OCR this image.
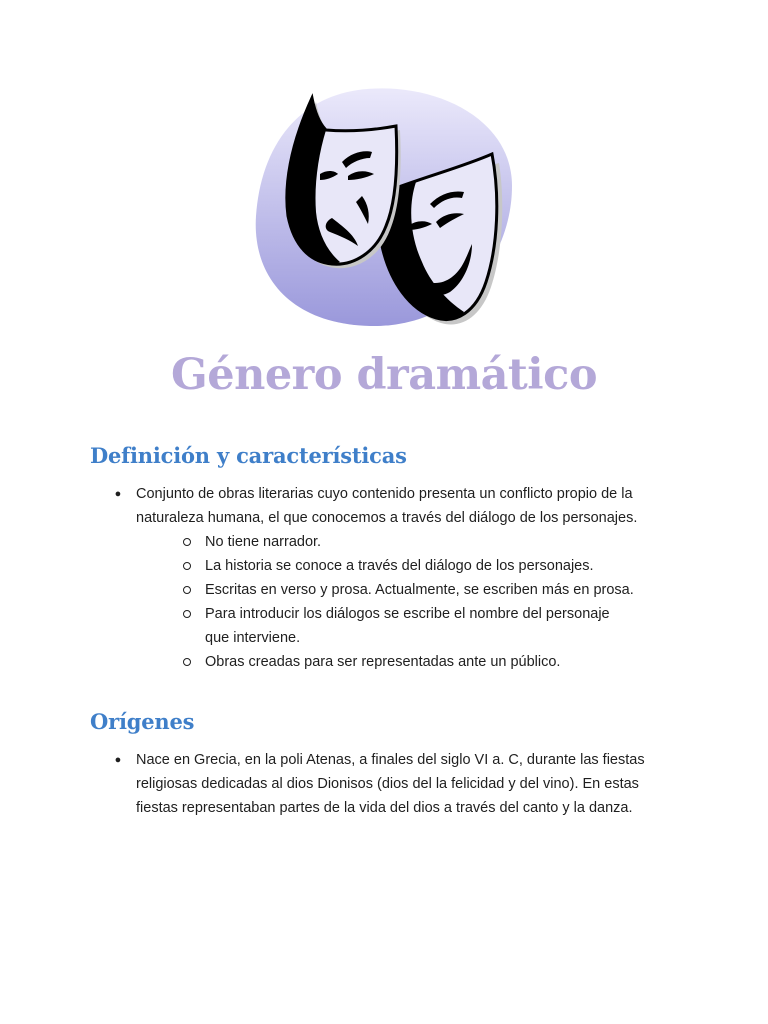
Género dramático
Definición y características
● Conjunto de obras literarias cuyo contenido presenta un conflicto propio de la naturaleza humana, el que conocemos a través del diálogo de los personajes.
No tiene narrador.
La historia se conoce a través del diálogo de los personajes.
Escritas en verso y prosa. Actualmente, se escriben más en prosa.
Para introducir los diálogos se escribe el nombre del personaje que interviene.
Obras creadas para ser representadas ante un público.
Orígenes
● Nace en Grecia, en la poli Atenas, a finales del siglo VI a. C, durante las fiestas religiosas dedicadas al dios Dionisos (dios del la felicidad y del vino). En estas fiestas representaban partes de la vida del dios a través del canto y la danza.
